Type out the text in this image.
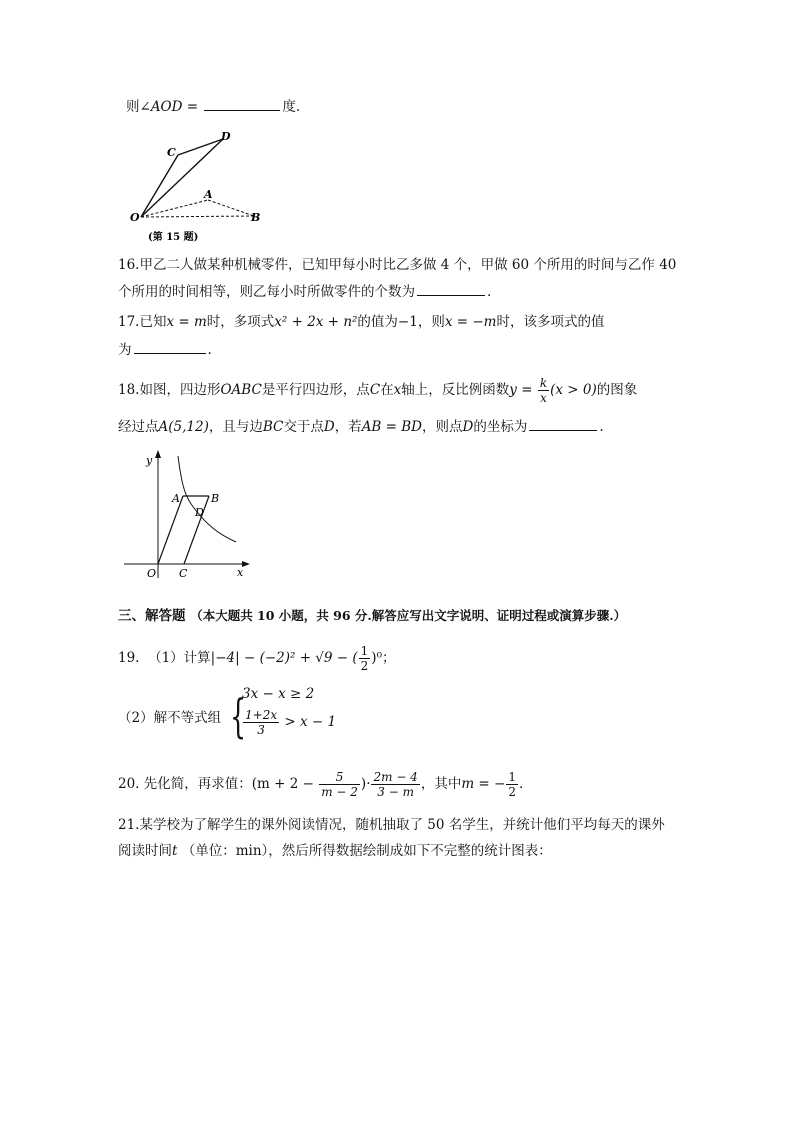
则∠AOD =	度.
O
C
D
A
B
(第 15 题)
16.甲乙二人做某种机械零件，已知甲每小时比乙多做 4 个，甲做 60 个所用的时间与乙作 40
个所用的时间相等，则乙每小时所做零件的个数为	.
17.已知x = m时，多项式x² + 2x + n²的值为−1，则x = −m时，该多项式的值
为	.
18.如图，四边形OABC是平行四边形，点C在x轴上，反比例函数$y = \frac{k}{x} (x > 0)$的图象
经过点A(5,12)，且与边BC交于点D，若AB = BD，则点D的坐标为	.
y
x
O C
A	B
D
三、解答题 （本大题共 10 小题，共 96 分.解答应写出文字说明、证明过程或演算步骤.）
19. （1）计算|−4| − (−2)² + √9 − ( $\frac{1}{2} )^0$；
（2）解不等式组 {
3x − x ≥ 2
$\frac{1+2x}{3} > x - 1$
20. 先化简，再求值：($m + 2 - \frac{5}{m - 2}$ )· $\frac{2m - 4}{3 - m}$ ，其中m = − $\frac{1}{2}$ .
21.某学校为了解学生的课外阅读情况，随机抽取了 50 名学生，并统计他们平均每天的课外
阅读时间t （单位：min），然后所得数据绘制成如下不完整的统计图表：
